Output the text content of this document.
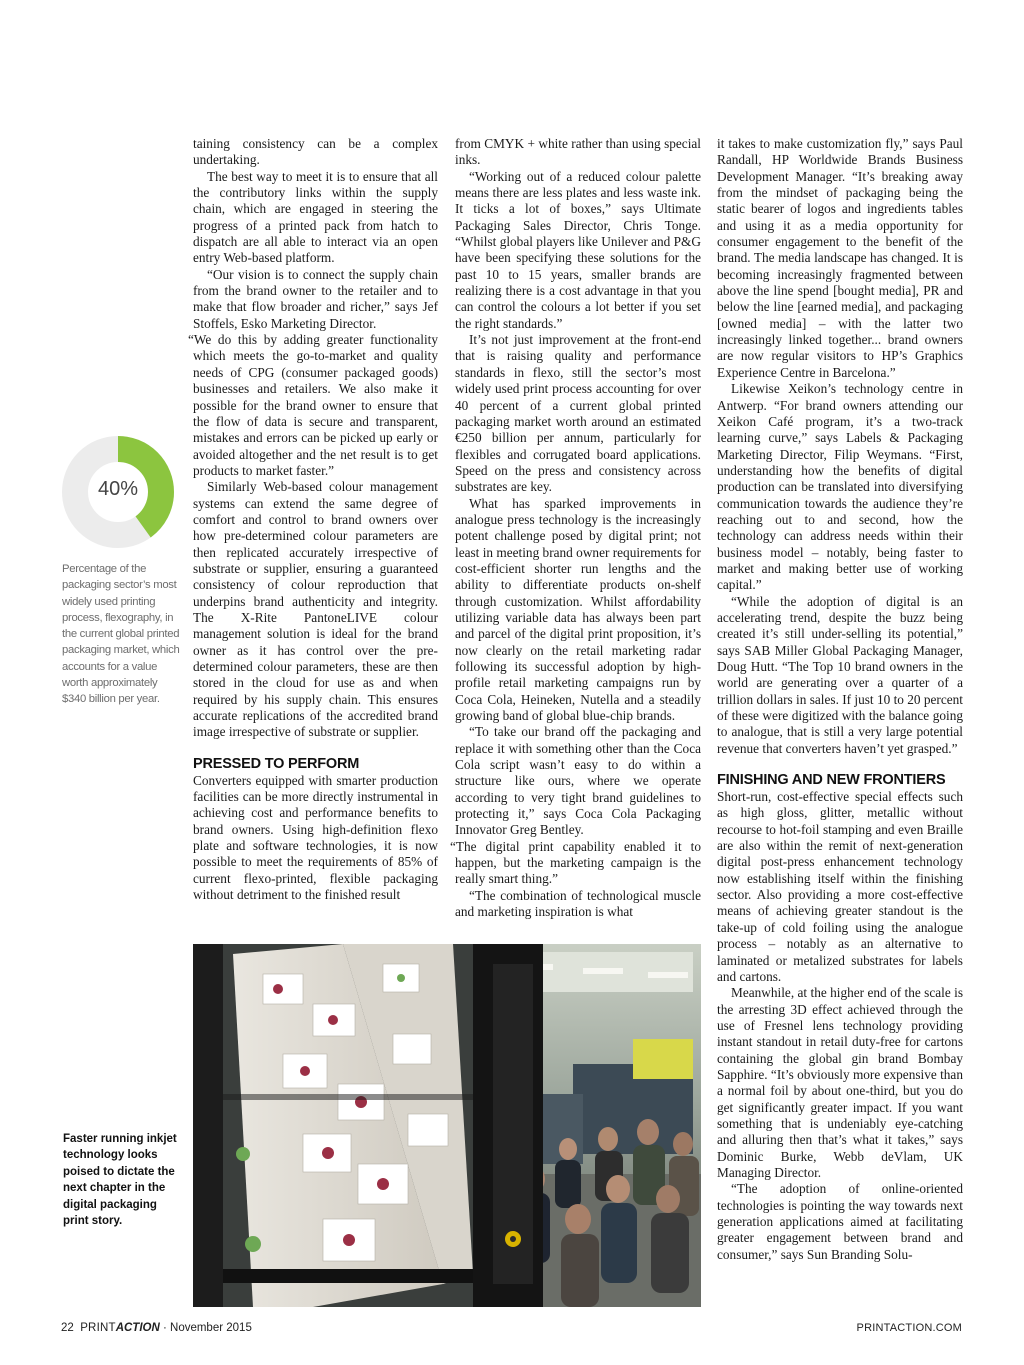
40%
Percentage of the packaging sector’s most widely used printing process, flexography, in the current global printed packaging market, which accounts for a value worth approximately $340 billion per year.
Faster running inkjet technology looks poised to dictate the next chapter in the digital packaging print story.

taining consistency can be a complex undertaking.

The best way to meet it is to ensure that all the contributory links within the supply chain, which are engaged in steering the progress of a printed pack from hatch to dispatch are all able to interact via an open entry Web-based platform.

“Our vision is to connect the supply chain from the brand owner to the retailer and to make that flow broader and richer,” says Jef Stoffels, Esko Marketing Director.

“We do this by adding greater functionality which meets the go-to-market and quality needs of CPG (consumer packaged goods) businesses and retailers. We also make it possible for the brand owner to ensure that the flow of data is secure and transparent, mistakes and errors can be picked up early or avoided altogether and the net result is to get products to market faster.”

Similarly Web-based colour management systems can extend the same degree of comfort and control to brand owners over how pre-determined colour parameters are then replicated accurately irrespective of substrate or supplier, ensuring a guaranteed consistency of colour reproduction that underpins brand authenticity and integrity. The X-Rite PantoneLIVE colour management solution is ideal for the brand owner as it has control over the pre-determined colour parameters, these are then stored in the cloud for use as and when required by his supply chain. This ensures accurate replications of the accredited brand image irrespective of substrate or supplier.

PRESSED TO PERFORM

Converters equipped with smarter production facilities can be more directly instrumental in achieving cost and performance benefits to brand owners. Using high-definition flexo plate and software technologies, it is now possible to meet the requirements of 85% of current flexo-printed, flexible packaging without detriment to the finished result

from CMYK + white rather than using special inks.

“Working out of a reduced colour palette means there are less plates and less waste ink. It ticks a lot of boxes,” says Ultimate Packaging Sales Director, Chris Tonge. “Whilst global players like Unilever and P&G have been specifying these solutions for the past 10 to 15 years, smaller brands are realizing there is a cost advantage in that you can control the colours a lot better if you set the right standards.”

It’s not just improvement at the front-end that is raising quality and performance standards in flexo, still the sector’s most widely used print process accounting for over 40 percent of a current global printed packaging market worth around an estimated €250 billion per annum, particularly for flexibles and corrugated board applications. Speed on the press and consistency across substrates are key.

What has sparked improvements in analogue press technology is the increasingly potent challenge posed by digital print; not least in meeting brand owner requirements for cost-efficient shorter run lengths and the ability to differentiate products on-shelf through customization. Whilst affordability utilizing variable data has always been part and parcel of the digital print proposition, it’s now clearly on the retail marketing radar following its successful adoption by high-profile retail marketing campaigns run by Coca Cola, Heineken, Nutella and a steadily growing band of global blue-chip brands.

“To take our brand off the packaging and replace it with something other than the Coca Cola script wasn’t easy to do within a structure like ours, where we operate according to very tight brand guidelines to protecting it,” says Coca Cola Packaging Innovator Greg Bentley.

“The digital print capability enabled it to happen, but the marketing campaign is the really smart thing.”

“The combination of technological muscle and marketing inspiration is what

it takes to make customization fly,” says Paul Randall, HP Worldwide Brands Business Development Manager. “It’s breaking away from the mindset of packaging being the static bearer of logos and ingredients tables and using it as a media opportunity for consumer engagement to the benefit of the brand. The media landscape has changed. It is becoming increasingly fragmented between above the line spend [bought media], PR and below the line [earned media], and packaging [owned media] – with the latter two increasingly linked together... brand owners are now regular visitors to HP’s Graphics Experience Centre in Barcelona.”

Likewise Xeikon’s technology centre in Antwerp. “For brand owners attending our Xeikon Café program, it’s a two-track learning curve,” says Labels & Packaging Marketing Director, Filip Weymans. “First, understanding how the benefits of digital production can be translated into diversifying communication towards the audience they’re reaching out to and second, how the technology can address needs within their business model – notably, being faster to market and making better use of working capital.”

“While the adoption of digital is an accelerating trend, despite the buzz being created it’s still under-selling its potential,” says SAB Miller Global Packaging Manager, Doug Hutt. “The Top 10 brand owners in the world are generating over a quarter of a trillion dollars in sales. If just 10 to 20 percent of these were digitized with the balance going to analogue, that is still a very large potential revenue that converters haven’t yet grasped.”

FINISHING AND NEW FRONTIERS

Short-run, cost-effective special effects such as high gloss, glitter, metallic without recourse to hot-foil stamping and even Braille are also within the remit of next-generation digital post-press enhancement technology now establishing itself within the finishing sector. Also providing a more cost-effective means of achieving greater standout is the take-up of cold foiling using the analogue process – notably as an alternative to laminated or metalized substrates for labels and cartons.

Meanwhile, at the higher end of the scale is the arresting 3D effect achieved through the use of Fresnel lens technology providing instant standout in retail duty-free for cartons containing the global gin brand Bombay Sapphire. “It’s obviously more expensive than a normal foil by about one-third, but you do get significantly greater impact. If you want something that is undeniably eye-catching and alluring then that’s what it takes,” says Dominic Burke, Webb deVlam, UK Managing Director.

“The adoption of online-oriented technologies is pointing the way towards next generation applications aimed at facilitating greater engagement between brand and consumer,” says Sun Branding Solu-

22 PRINTACTION · November 2015	PRINTACTION.COM
